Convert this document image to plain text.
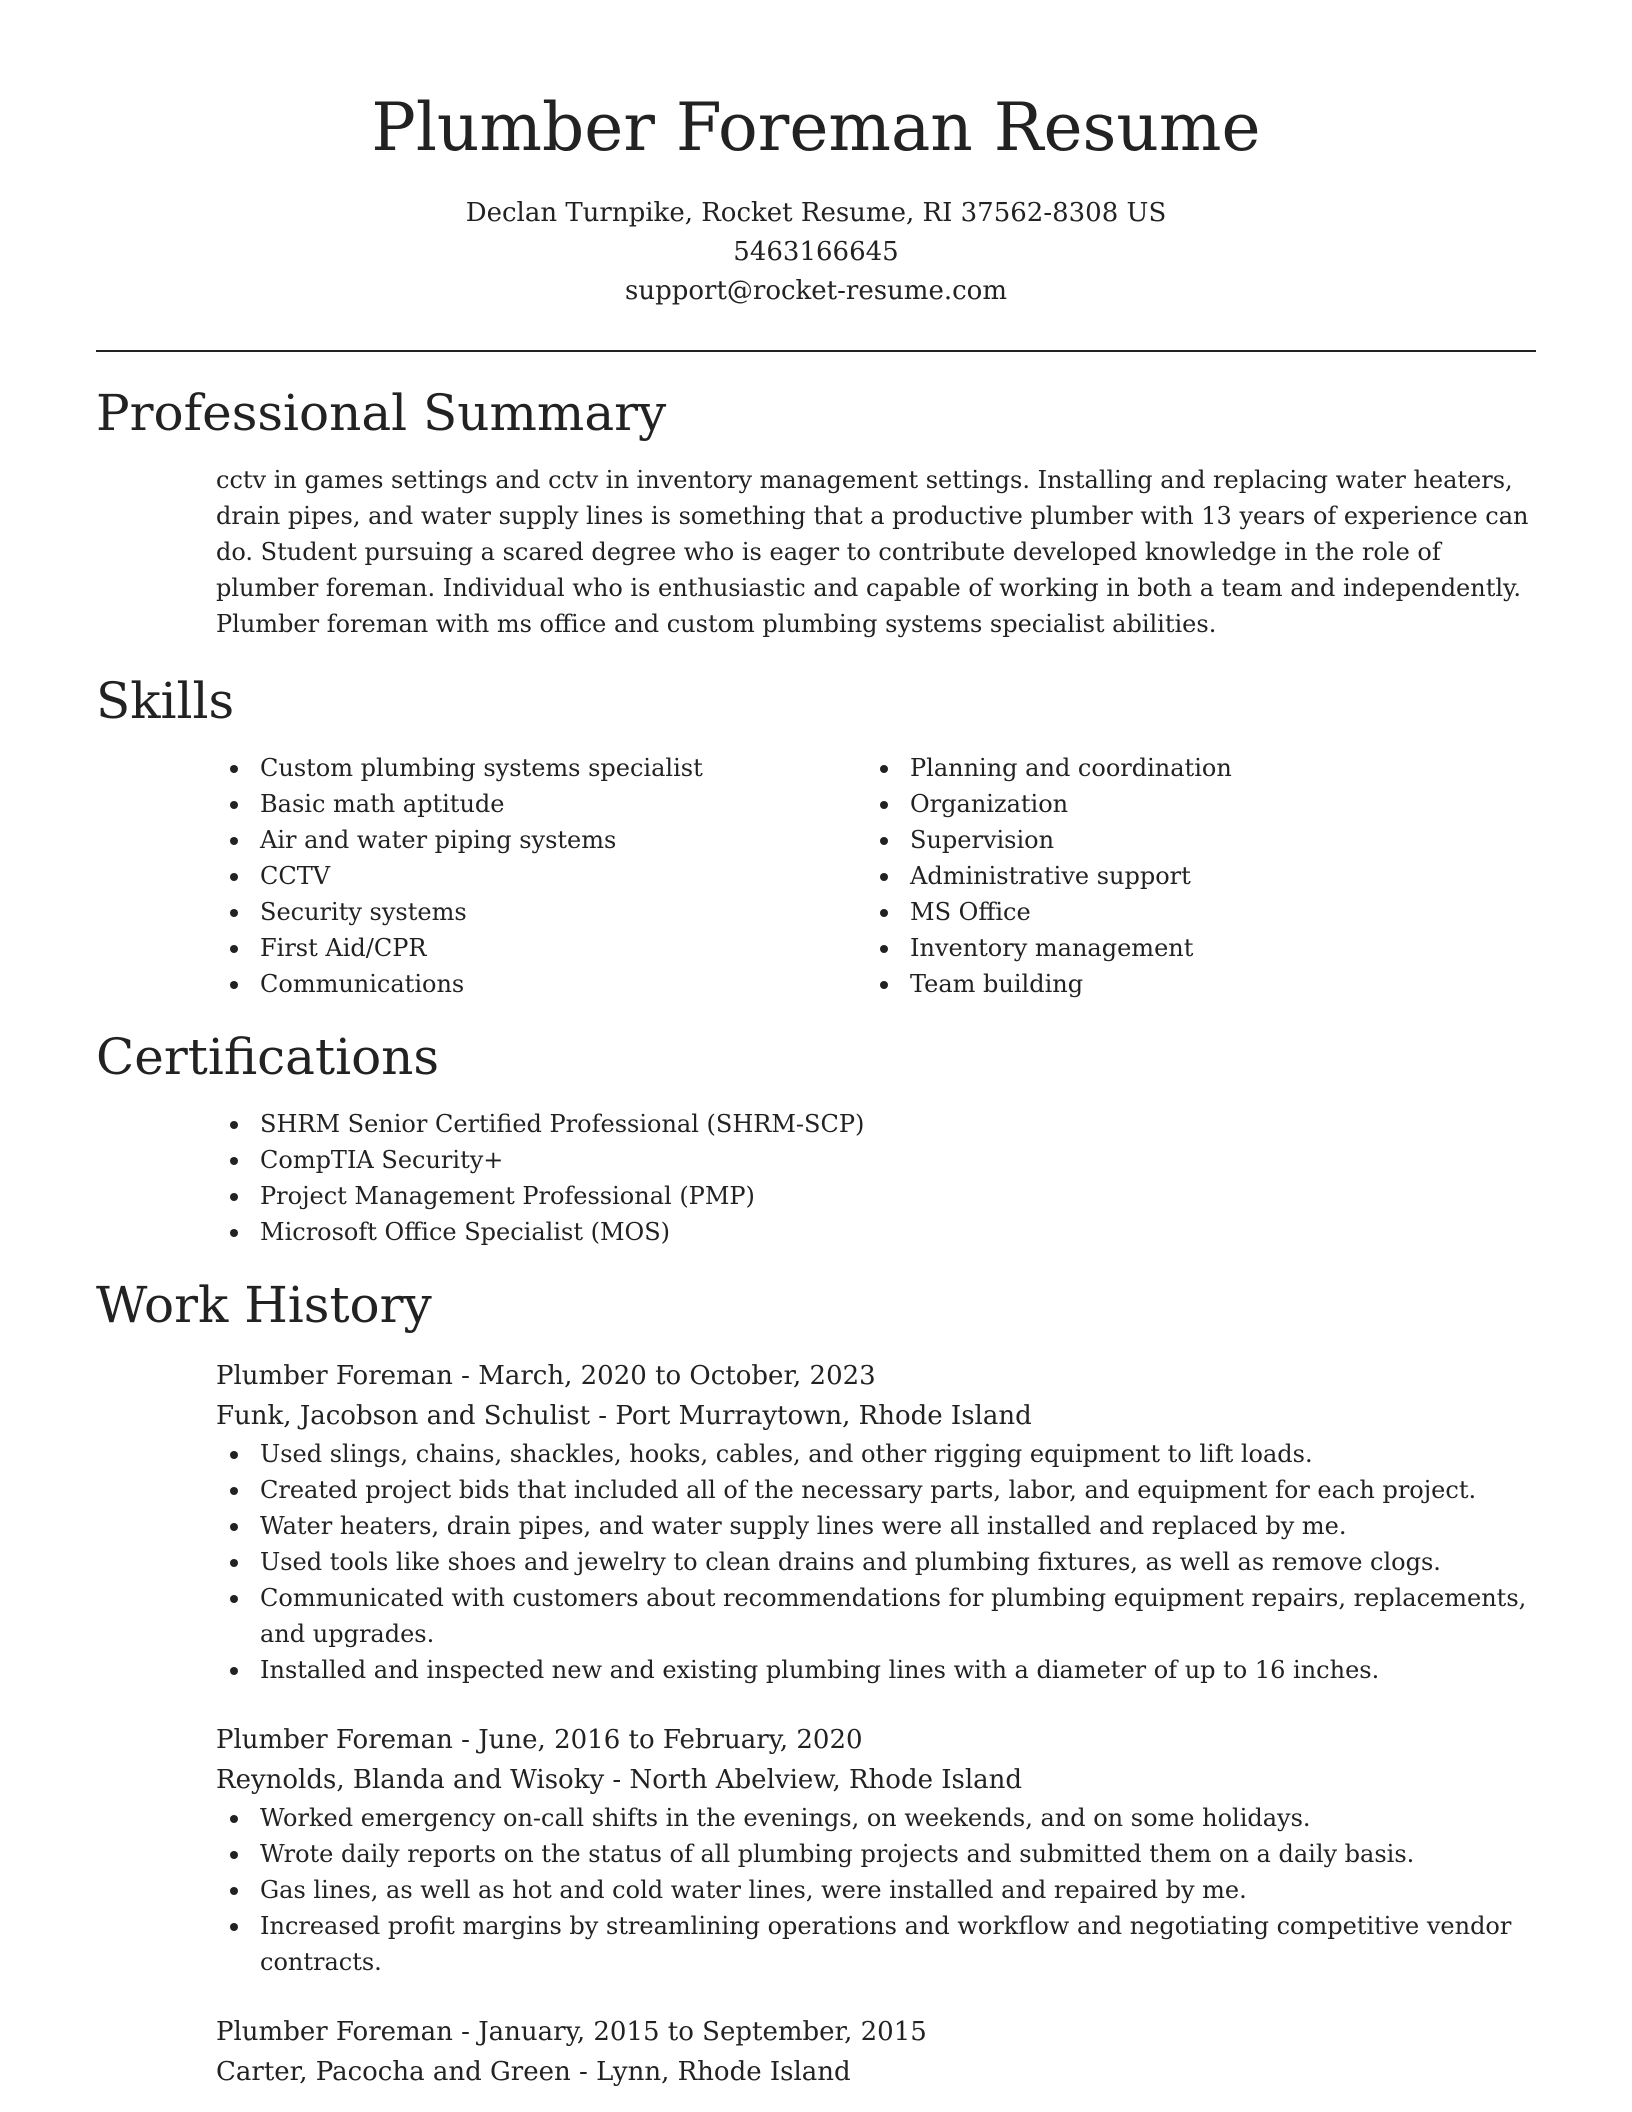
Plumber Foreman Resume
Declan Turnpike, Rocket Resume, RI 37562-8308 US
5463166645
support@rocket-resume.com
Professional Summary

cctv in games settings and cctv in inventory management settings. Installing and replacing water heaters, drain pipes, and water supply lines is something that a productive plumber with 13 years of experience can do. Student pursuing a scared degree who is eager to contribute developed knowledge in the role of plumber foreman. Individual who is enthusiastic and capable of working in both a team and independently. Plumber foreman with ms office and custom plumbing systems specialist abilities.

Skills
Custom plumbing systems specialist
Basic math aptitude
Air and water piping systems
CCTV
Security systems
First Aid/CPR
Communications
Planning and coordination
Organization
Supervision
Administrative support
MS Office
Inventory management
Team building
Certifications
SHRM Senior Certified Professional (SHRM-SCP)
CompTIA Security+
Project Management Professional (PMP)
Microsoft Office Specialist (MOS)
Work History

Plumber Foreman - March, 2020 to October, 2023

Funk, Jacobson and Schulist - Port Murraytown, Rhode Island

Used slings, chains, shackles, hooks, cables, and other rigging equipment to lift loads.
Created project bids that included all of the necessary parts, labor, and equipment for each project.
Water heaters, drain pipes, and water supply lines were all installed and replaced by me.
Used tools like shoes and jewelry to clean drains and plumbing fixtures, as well as remove clogs.
Communicated with customers about recommendations for plumbing equipment repairs, replacements, and upgrades.
Installed and inspected new and existing plumbing lines with a diameter of up to 16 inches.

Plumber Foreman - June, 2016 to February, 2020

Reynolds, Blanda and Wisoky - North Abelview, Rhode Island

Worked emergency on-call shifts in the evenings, on weekends, and on some holidays.
Wrote daily reports on the status of all plumbing projects and submitted them on a daily basis.
Gas lines, as well as hot and cold water lines, were installed and repaired by me.
Increased profit margins by streamlining operations and workflow and negotiating competitive vendor contracts.

Plumber Foreman - January, 2015 to September, 2015

Carter, Pacocha and Green - Lynn, Rhode Island
